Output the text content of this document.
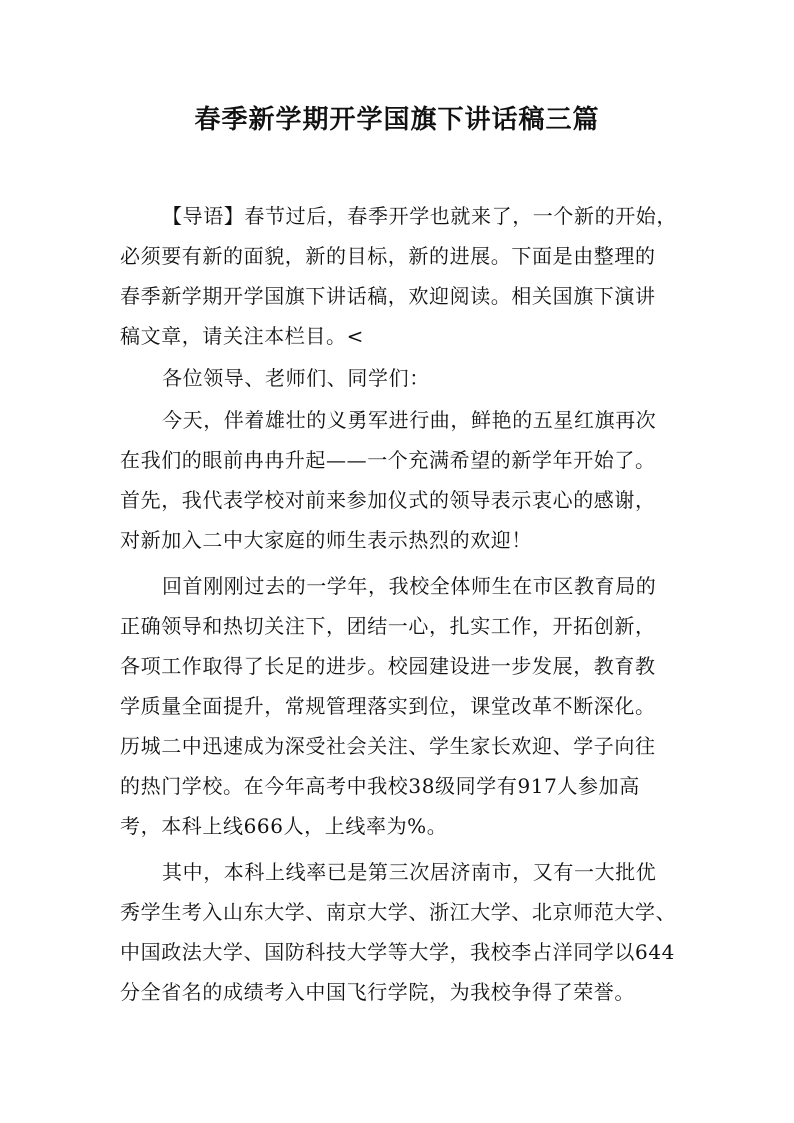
春季新学期开学国旗下讲话稿三篇
【导语】春节过后，春季开学也就来了，一个新的开始，
必须要有新的面貌，新的目标，新的进展。下面是由整理的
春季新学期开学国旗下讲话稿，欢迎阅读。相关国旗下演讲
稿文章，请关注本栏目。<
各位领导、老师们、同学们：
今天，伴着雄壮的义勇军进行曲，鲜艳的五星红旗再次
在我们的眼前冉冉升起——一个充满希望的新学年开始了。
首先，我代表学校对前来参加仪式的领导表示衷心的感谢，
对新加入二中大家庭的师生表示热烈的欢迎！
回首刚刚过去的一学年，我校全体师生在市区教育局的
正确领导和热切关注下，团结一心，扎实工作，开拓创新，
各项工作取得了长足的进步。校园建设进一步发展，教育教
学质量全面提升，常规管理落实到位，课堂改革不断深化。
历城二中迅速成为深受社会关注、学生家长欢迎、学子向往
的热门学校。在今年高考中我校38级同学有917人参加高
考，本科上线666人，上线率为%。
其中，本科上线率已是第三次居济南市，又有一大批优
秀学生考入山东大学、南京大学、浙江大学、北京师范大学、
中国政法大学、国防科技大学等大学，我校李占洋同学以644
分全省名的成绩考入中国飞行学院，为我校争得了荣誉。
